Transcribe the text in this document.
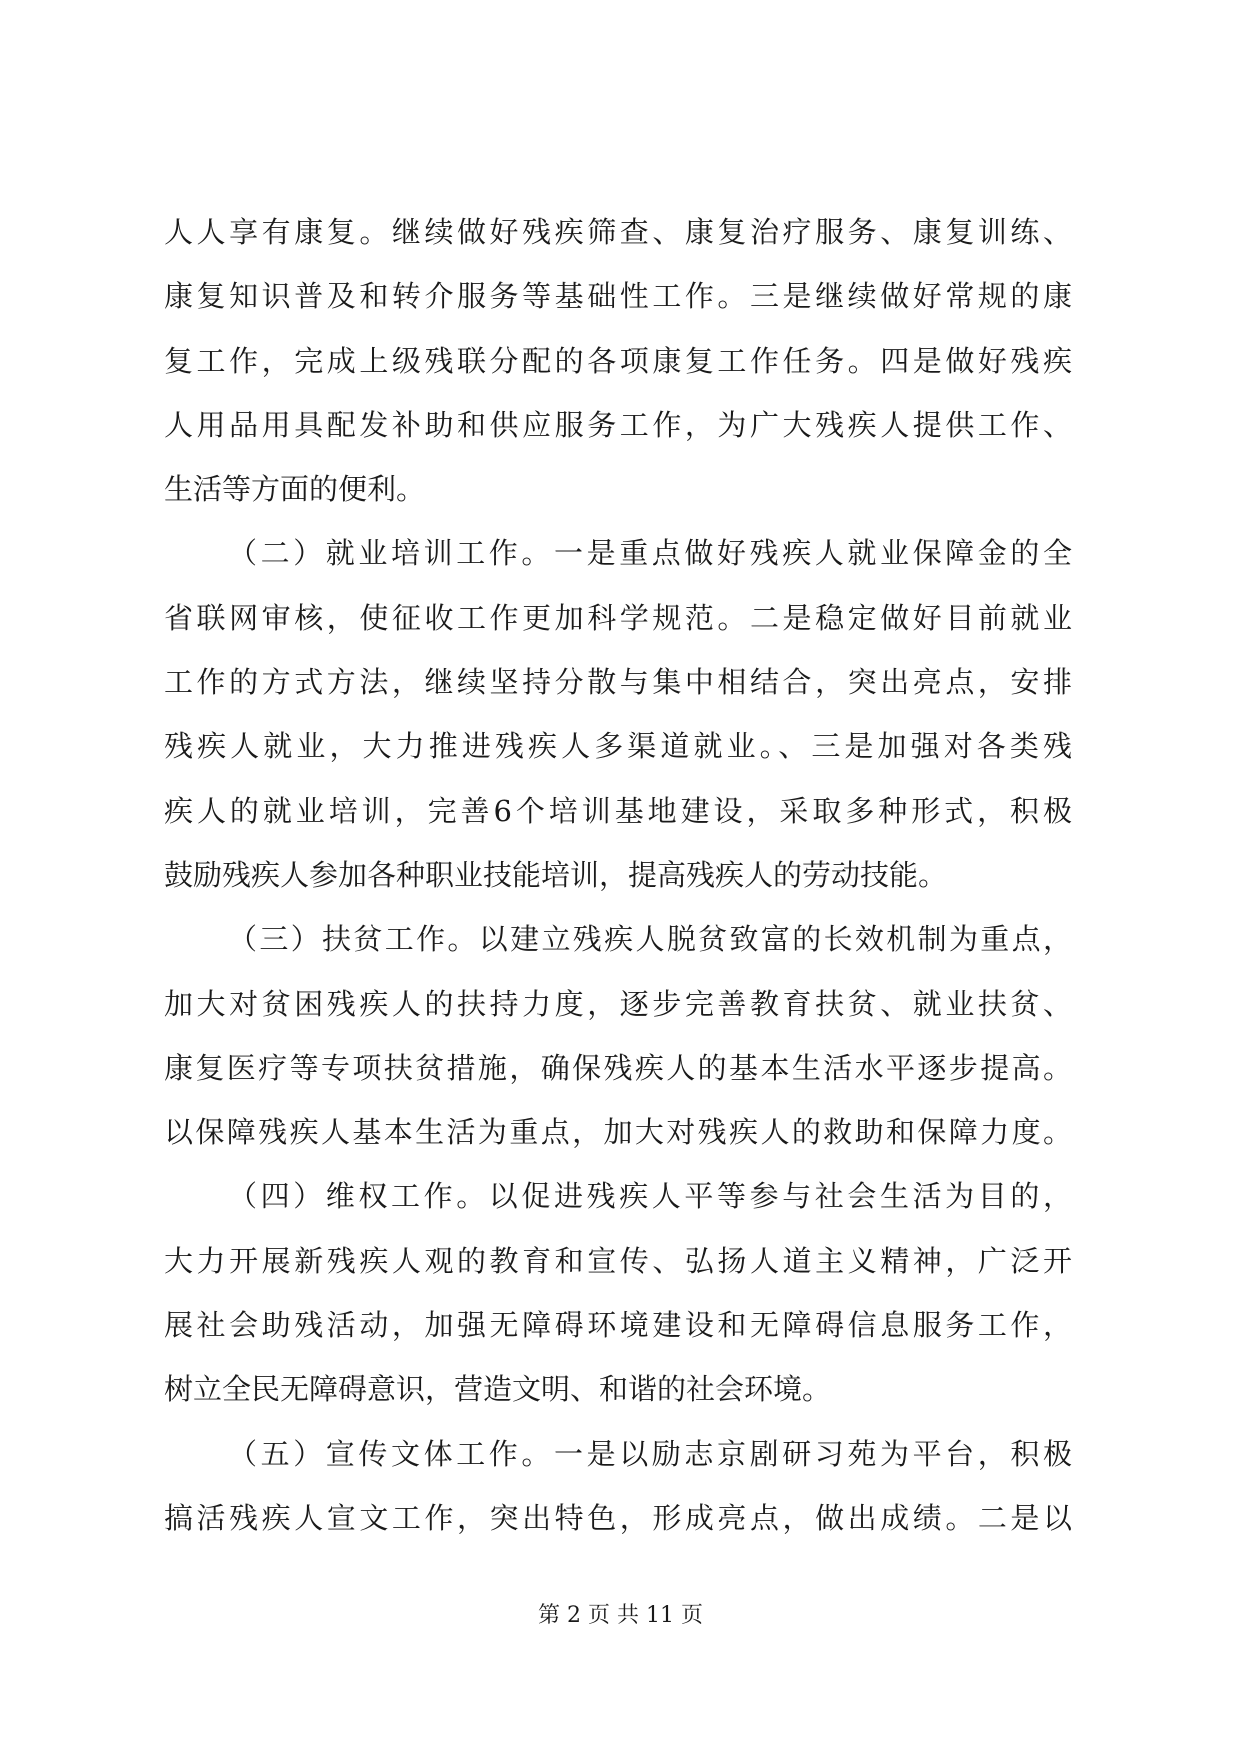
人人享有康复。继续做好残疾筛查、康复治疗服务、康复训练、
康复知识普及和转介服务等基础性工作。三是继续做好常规的康
复工作，完成上级残联分配的各项康复工作任务。四是做好残疾
人用品用具配发补助和供应服务工作，为广大残疾人提供工作、
生活等方面的便利。
（二）就业培训工作。一是重点做好残疾人就业保障金的全
省联网审核，使征收工作更加科学规范。二是稳定做好目前就业
工作的方式方法，继续坚持分散与集中相结合，突出亮点，安排
残疾人就业，大力推进残疾人多渠道就业。、三是加强对各类残
疾人的就业培训，完善6个培训基地建设，采取多种形式，积极
鼓励残疾人参加各种职业技能培训，提高残疾人的劳动技能。
（三）扶贫工作。以建立残疾人脱贫致富的长效机制为重点，
加大对贫困残疾人的扶持力度，逐步完善教育扶贫、就业扶贫、
康复医疗等专项扶贫措施，确保残疾人的基本生活水平逐步提高。
以保障残疾人基本生活为重点，加大对残疾人的救助和保障力度。
（四）维权工作。以促进残疾人平等参与社会生活为目的，
大力开展新残疾人观的教育和宣传、弘扬人道主义精神，广泛开
展社会助残活动，加强无障碍环境建设和无障碍信息服务工作，
树立全民无障碍意识，营造文明、和谐的社会环境。
（五）宣传文体工作。一是以励志京剧研习苑为平台，积极
搞活残疾人宣文工作，突出特色，形成亮点，做出成绩。二是以
第 2 页 共 11 页
